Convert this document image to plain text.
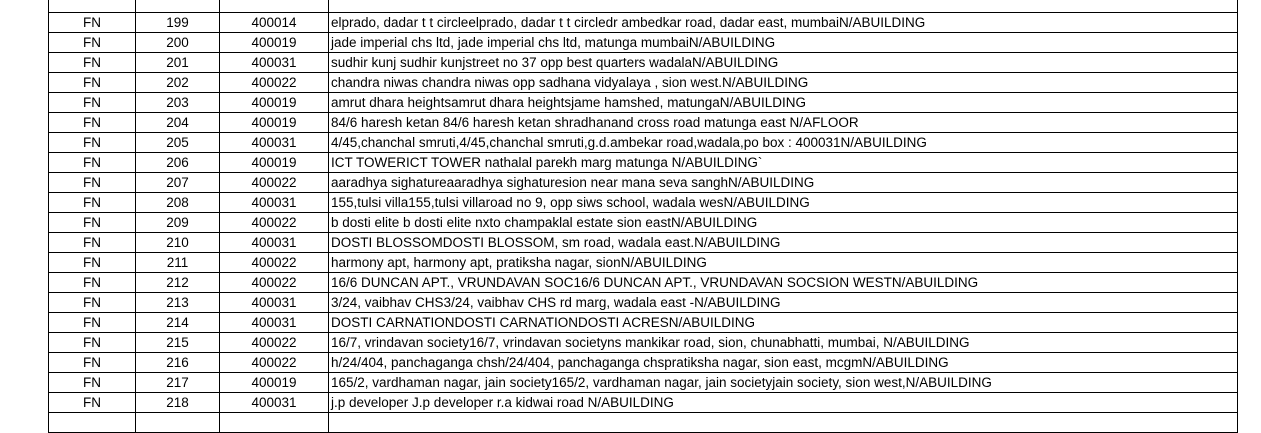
FN	199	400014	elprado, dadar t t circleelprado, dadar t t circledr ambedkar road, dadar east, mumbaiN/ABUILDING
FN	200	400019	jade imperial chs ltd, jade imperial chs ltd, matunga mumbaiN/ABUILDING
FN	201	400031	sudhir kunj sudhir kunjstreet no 37 opp best quarters wadalaN/ABUILDING
FN	202	400022	chandra niwas chandra niwas opp sadhana vidyalaya , sion west.N/ABUILDING
FN	203	400019	amrut dhara heightsamrut dhara heightsjame hamshed, matungaN/ABUILDING
FN	204	400019	84/6 haresh ketan 84/6 haresh ketan shradhanand cross road matunga east N/AFLOOR
FN	205	400031	4/45,chanchal smruti,4/45,chanchal smruti,g.d.ambekar road,wadala,po box : 400031N/ABUILDING
FN	206	400019	ICT TOWERICT TOWER nathalal parekh marg matunga N/ABUILDING`
FN	207	400022	aaradhya sighatureaaradhya sighaturesion near mana seva sanghN/ABUILDING
FN	208	400031	155,tulsi villa155,tulsi villaroad no 9, opp siws school, wadala wesN/ABUILDING
FN	209	400022	b dosti elite b dosti elite nxto champaklal estate sion eastN/ABUILDING
FN	210	400031	DOSTI BLOSSOMDOSTI BLOSSOM, sm road, wadala east.N/ABUILDING
FN	211	400022	harmony apt, harmony apt, pratiksha nagar, sionN/ABUILDING
FN	212	400022	16/6 DUNCAN APT., VRUNDAVAN SOC16/6 DUNCAN APT., VRUNDAVAN SOCSION WESTN/ABUILDING
FN	213	400031	3/24, vaibhav CHS3/24, vaibhav CHS rd marg, wadala east -N/ABUILDING
FN	214	400031	DOSTI CARNATIONDOSTI CARNATIONDOSTI ACRESN/ABUILDING
FN	215	400022	16/7, vrindavan society16/7, vrindavan societyns mankikar road, sion, chunabhatti, mumbai, N/ABUILDING
FN	216	400022	h/24/404, panchaganga chsh/24/404, panchaganga chspratiksha nagar, sion east, mcgmN/ABUILDING
FN	217	400019	165/2, vardhaman nagar, jain society165/2, vardhaman nagar, jain societyjain society, sion west,N/ABUILDING
FN	218	400031	j.p developer J.p developer r.a kidwai road N/ABUILDING
